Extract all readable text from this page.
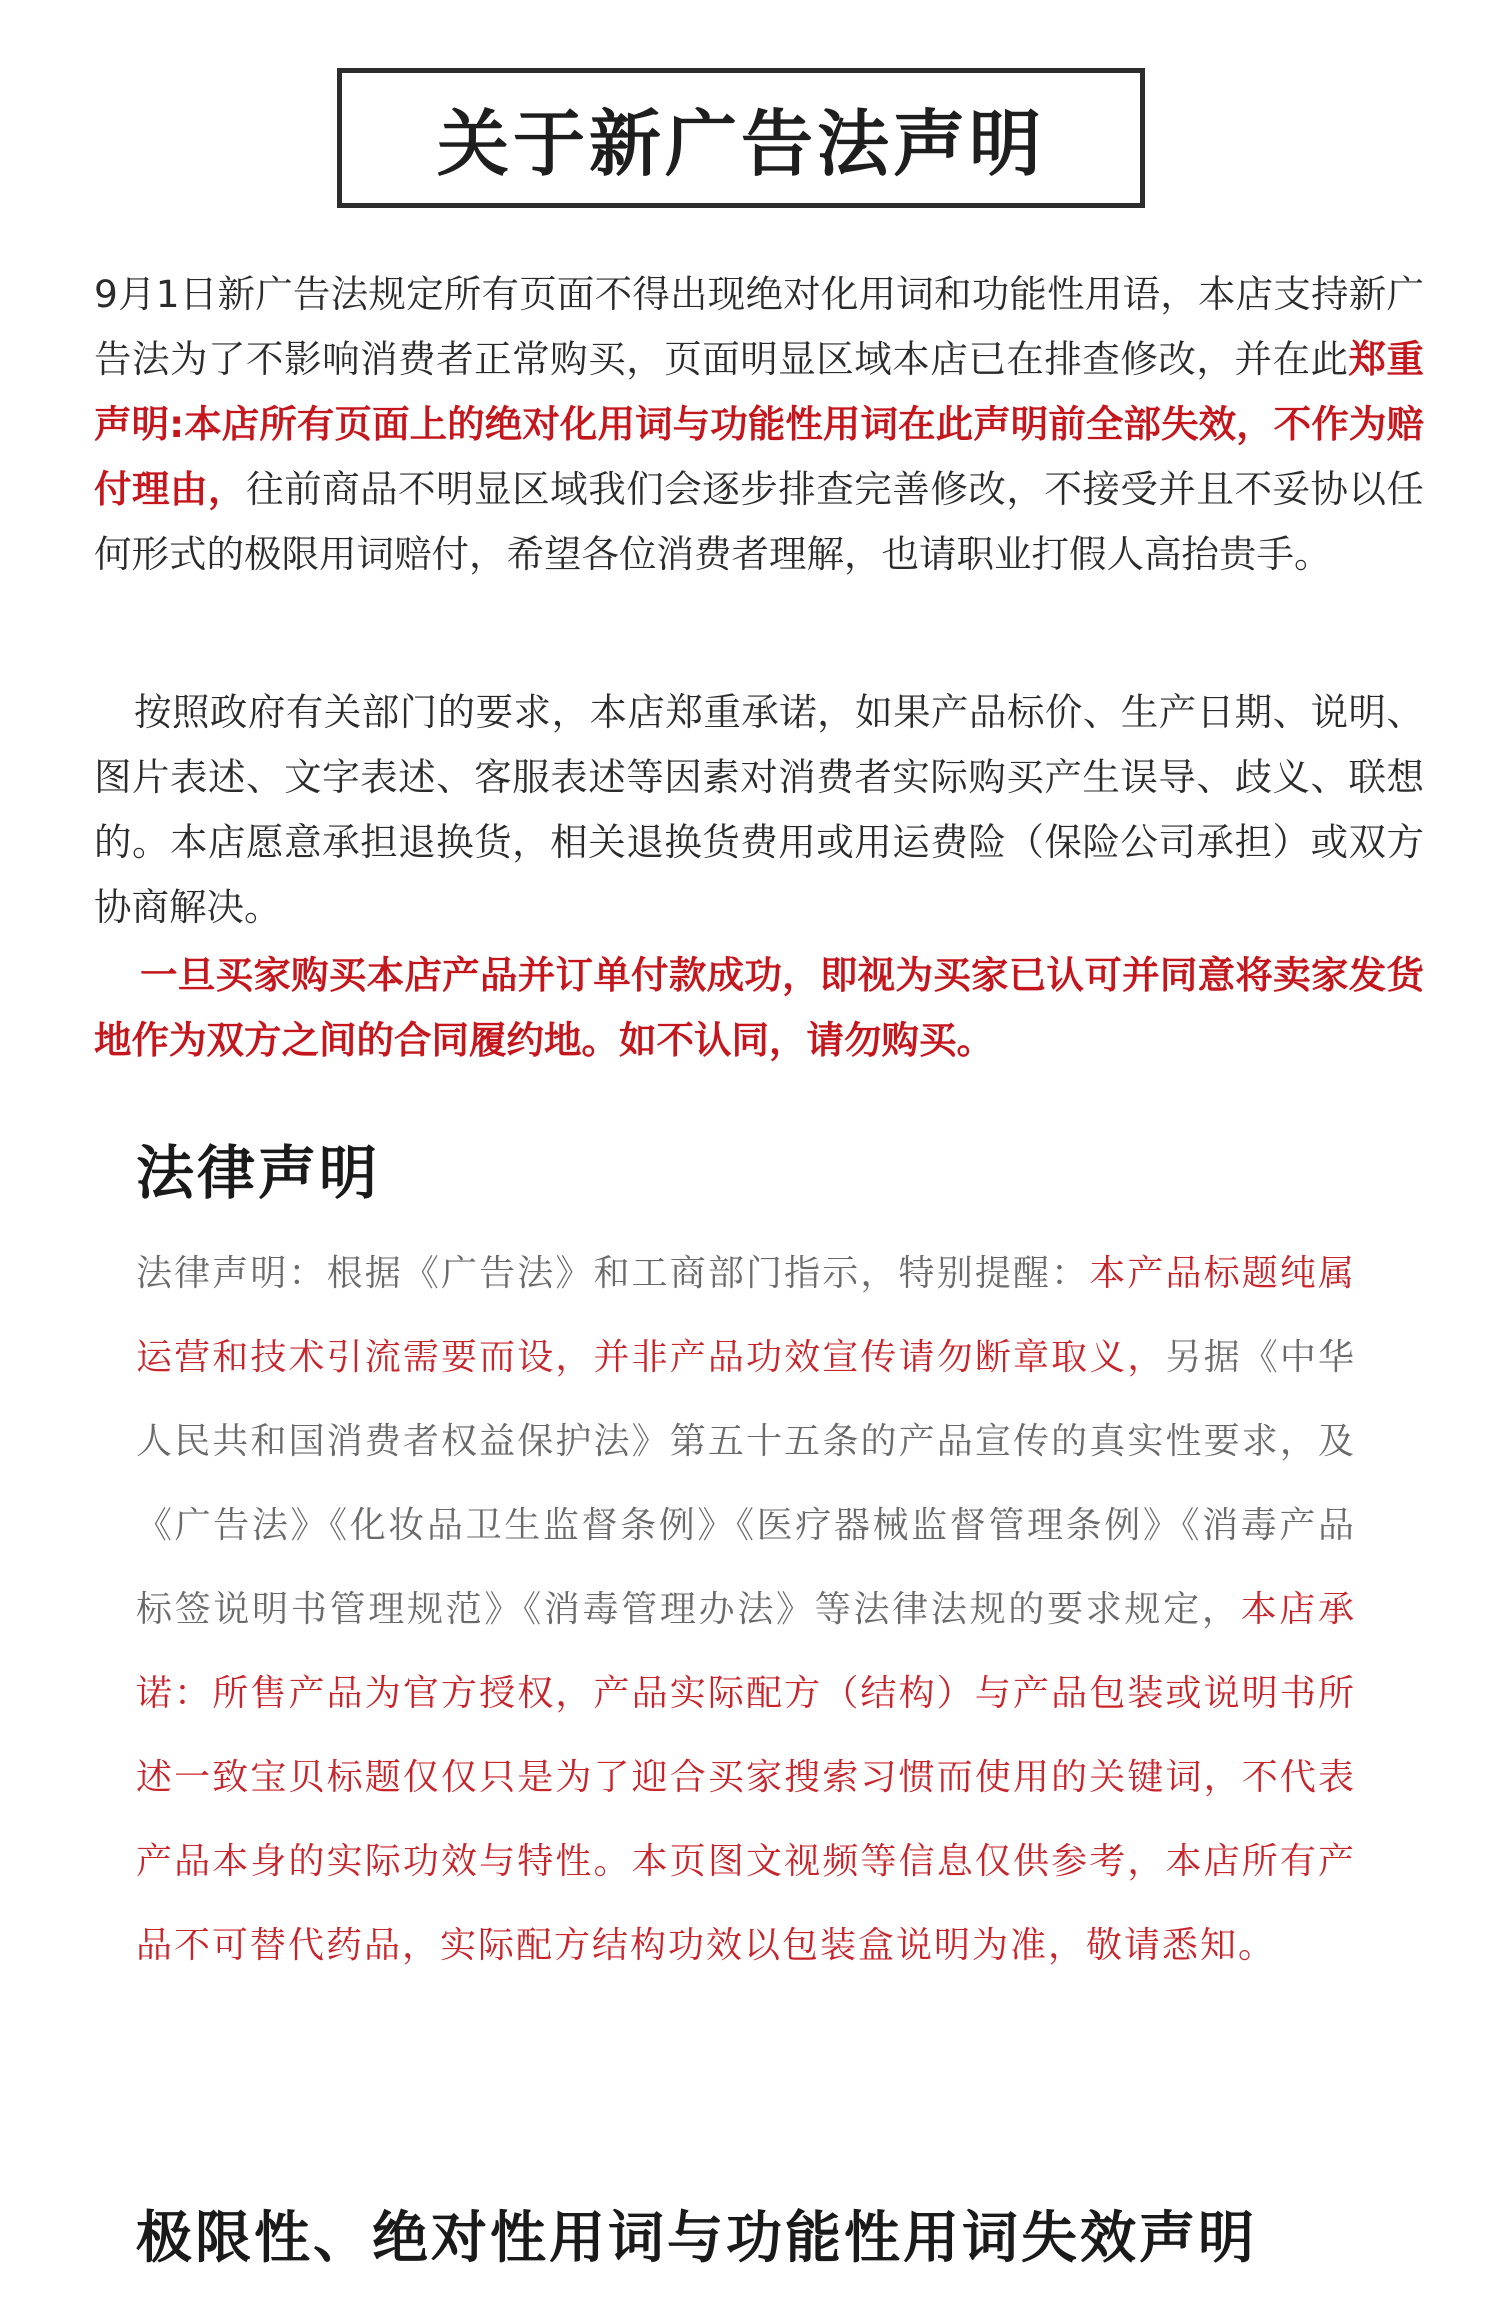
关于新广告法声明

9月1日新广告法规定所有页面不得出现绝对化用词和功能性用语，本店支持新广告法为了不影响消费者正常购买，页面明显区域本店已在排查修改，并在此郑重声明:本店所有页面上的绝对化用词与功能性用词在此声明前全部失效，不作为赔付理由，往前商品不明显区域我们会逐步排查完善修改，不接受并且不妥协以任何形式的极限用词赔付，希望各位消费者理解，也请职业打假人高抬贵手。

按照政府有关部门的要求，本店郑重承诺，如果产品标价、生产日期、说明、图片表述、文字表述、客服表述等因素对消费者实际购买产生误导、歧义、联想的。本店愿意承担退换货，相关退换货费用或用运费险（保险公司承担）或双方协商解决。

一旦买家购买本店产品并订单付款成功，即视为买家已认可并同意将卖家发货地作为双方之间的合同履约地。如不认同，请勿购买。

法律声明

法律声明：根据《广告法》和工商部门指示，特别提醒：本产品标题纯属运营和技术引流需要而设，并非产品功效宣传请勿断章取义，另据《中华人民共和国消费者权益保护法》第五十五条的产品宣传的真实性要求，及《广告法》《化妆品卫生监督条例》《医疗器械监督管理条例》《消毒产品标签说明书管理规范》《消毒管理办法》等法律法规的要求规定，本店承诺：所售产品为官方授权，产品实际配方（结构）与产品包装或说明书所述一致宝贝标题仅仅只是为了迎合买家搜索习惯而使用的关键词，不代表产品本身的实际功效与特性。本页图文视频等信息仅供参考，本店所有产品不可替代药品，实际配方结构功效以包装盒说明为准，敬请悉知。

极限性、绝对性用词与功能性用词失效声明
